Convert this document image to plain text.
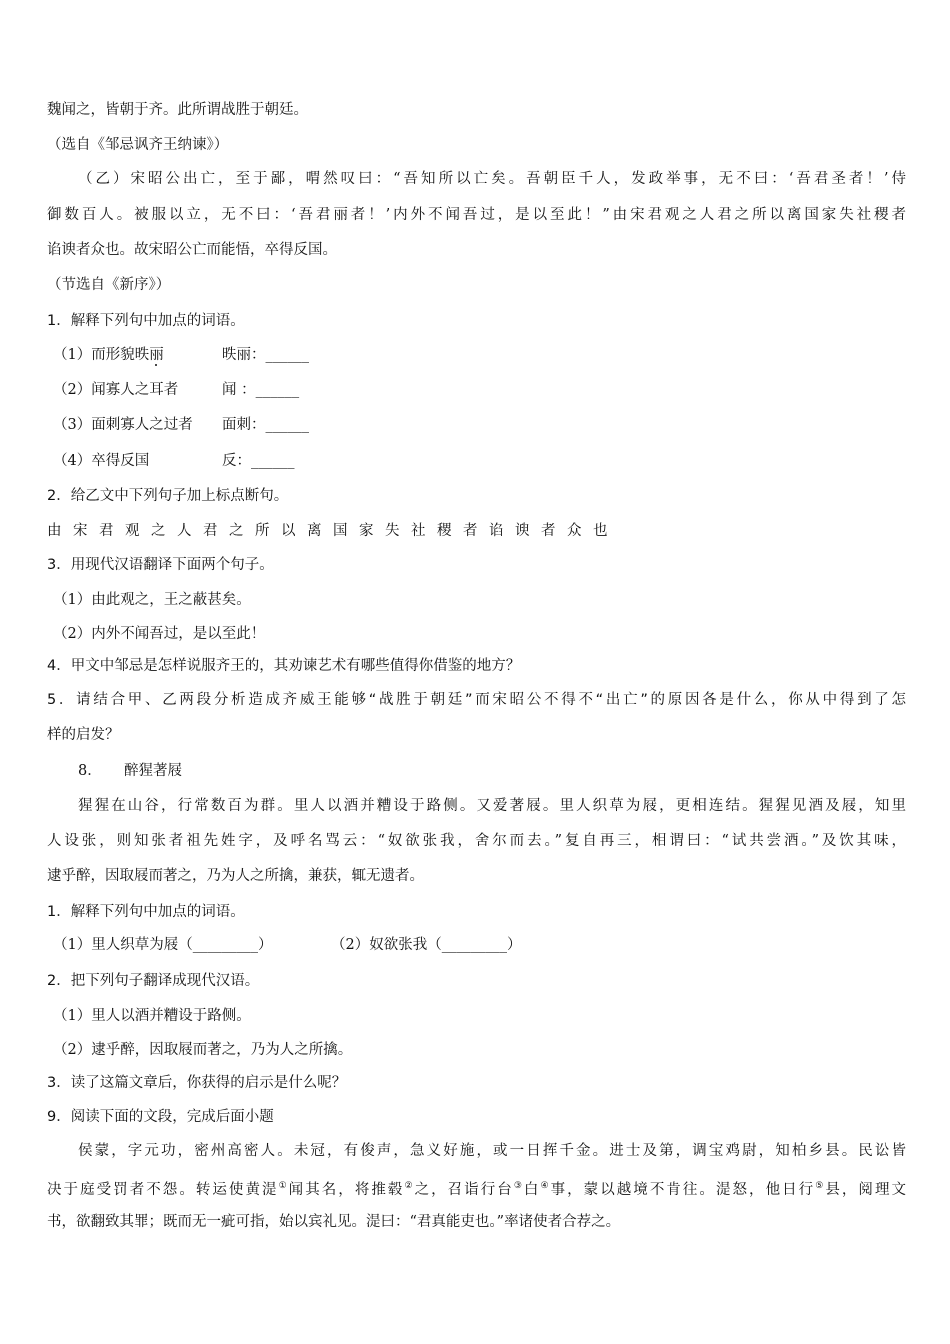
魏闻之，皆朝于齐。此所谓战胜于朝廷。
（选自《邹忌讽齐王纳谏》）
（乙）宋昭公出亡，至于鄙，喟然叹曰：“吾知所以亡矣。吾朝臣千人，发政举事，无不曰：‘吾君圣者！’侍
御数百人。被服以立，无不曰：‘吾君丽者！’内外不闻吾过，是以至此！”由宋君观之人君之所以离国家失社稷者
谄谀者众也。故宋昭公亡而能悟，卒得反国。
（节选自《新序》）
1．解释下列句中加点的词语。
（1）而形貌昳丽	昳丽：______
（2）闻寡人之耳者	闻 ：______
（3）面刺寡人之过者 面刺：______
（4）卒得反国	反：______
2．给乙文中下列句子加上标点断句。
由宋君观之人君之所以离国家失社稷者谄谀者众也
3．用现代汉语翻译下面两个句子。
（1）由此观之，王之蔽甚矣。
（2）内外不闻吾过，是以至此！
4．甲文中邹忌是怎样说服齐王的，其劝谏艺术有哪些值得你借鉴的地方？
5．请结合甲、乙两段分析造成齐威王能够“战胜于朝廷”而宋昭公不得不“出亡”的原因各是什么，你从中得到了怎
样的启发？
8． 醉猩著屐
猩猩在山谷，行常数百为群。里人以酒并糟设于路侧。又爱著屐。里人织草为屐，更相连结。猩猩见酒及屐，知里
人设张，则知张者祖先姓字，及呼名骂云：“奴欲张我，舍尔而去。”复自再三，相谓曰：“试共尝酒。”及饮其味，
逮乎醉，因取屐而著之，乃为人之所擒，兼获，辄无遗者。
1．解释下列句中加点的词语。
（1）里人织草为屐（_________）	（2）奴欲张我（_________）
2．把下列句子翻译成现代汉语。
（1）里人以酒并糟设于路侧。
（2）逮乎醉，因取屐而著之，乃为人之所擒。
3．读了这篇文章后，你获得的启示是什么呢？
9．阅读下面的文段，完成后面小题
侯蒙，字元功，密州高密人。未冠，有俊声，急义好施，或一日挥千金。进士及第，调宝鸡尉，知柏乡县。民讼皆
决于庭受罚者不怨。转运使黄湜①闻其名，将推毂②之，召诣行台③白④事，蒙以越境不肯往。湜怒，他日行⑤县，阅理文
书，欲翻致其罪；既而无一疵可指，始以宾礼见。湜曰：“君真能吏也。”率诸使者合荐之。
